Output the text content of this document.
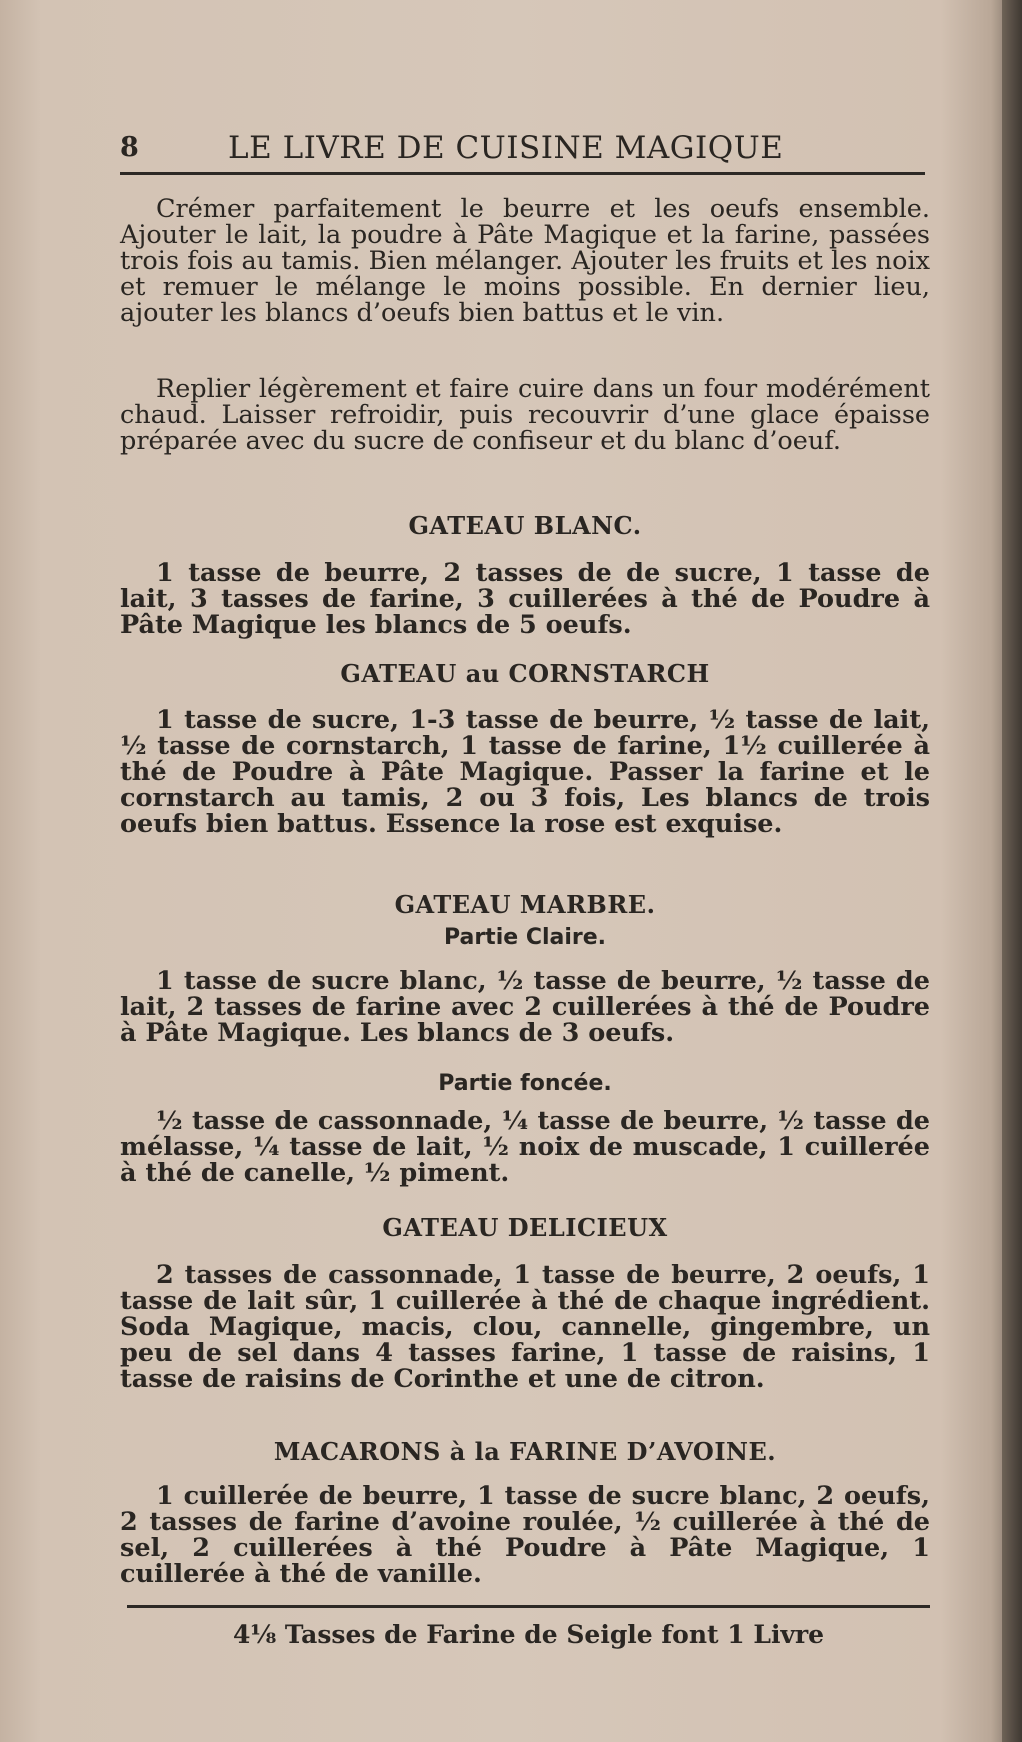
8	LE LIVRE DE CUISINE MAGIQUE

Crémer parfaitement le beurre et les oeufs ensemble. Ajouter le lait, la poudre à Pâte Magique et la farine, passées trois fois au tamis. Bien mélanger. Ajouter les fruits et les noix et remuer le mélange le moins possible. En dernier lieu, ajouter les blancs d’oeufs bien battus et le vin.

Replier légèrement et faire cuire dans un four modérément chaud. Laisser refroidir, puis recouvrir d’une glace épaisse préparée avec du sucre de confiseur et du blanc d’oeuf.

GATEAU BLANC.

1 tasse de beurre, 2 tasses de de sucre, 1 tasse de lait, 3 tasses de farine, 3 cuillerées à thé de Poudre à Pâte Magique les blancs de 5 oeufs.

GATEAU au CORNSTARCH

1 tasse de sucre, 1-3 tasse de beurre, ½ tasse de lait, ½ tasse de cornstarch, 1 tasse de farine, 1½ cuillerée à thé de Poudre à Pâte Magique. Passer la farine et le cornstarch au tamis, 2 ou 3 fois, Les blancs de trois oeufs bien battus. Essence la rose est exquise.

GATEAU MARBRE.
Partie Claire.

1 tasse de sucre blanc, ½ tasse de beurre, ½ tasse de lait, 2 tasses de farine avec 2 cuillerées à thé de Poudre à Pâte Magique. Les blancs de 3 oeufs.

Partie foncée.

½ tasse de cassonnade, ¼ tasse de beurre, ½ tasse de mélasse, ¼ tasse de lait, ½ noix de muscade, 1 cuillerée à thé de canelle, ½ piment.

GATEAU DELICIEUX

2 tasses de cassonnade, 1 tasse de beurre, 2 oeufs, 1 tasse de lait sûr, 1 cuillerée à thé de chaque ingrédient. Soda Magique, macis, clou, cannelle, gingembre, un peu de sel dans 4 tasses farine, 1 tasse de raisins, 1 tasse de raisins de Corinthe et une de citron.

MACARONS à la FARINE D’AVOINE.

1 cuillerée de beurre, 1 tasse de sucre blanc, 2 oeufs, 2 tasses de farine d’avoine roulée, ½ cuillerée à thé de sel, 2 cuillerées à thé Poudre à Pâte Magique, 1 cuillerée à thé de vanille.

4⅛ Tasses de Farine de Seigle font 1 Livre
